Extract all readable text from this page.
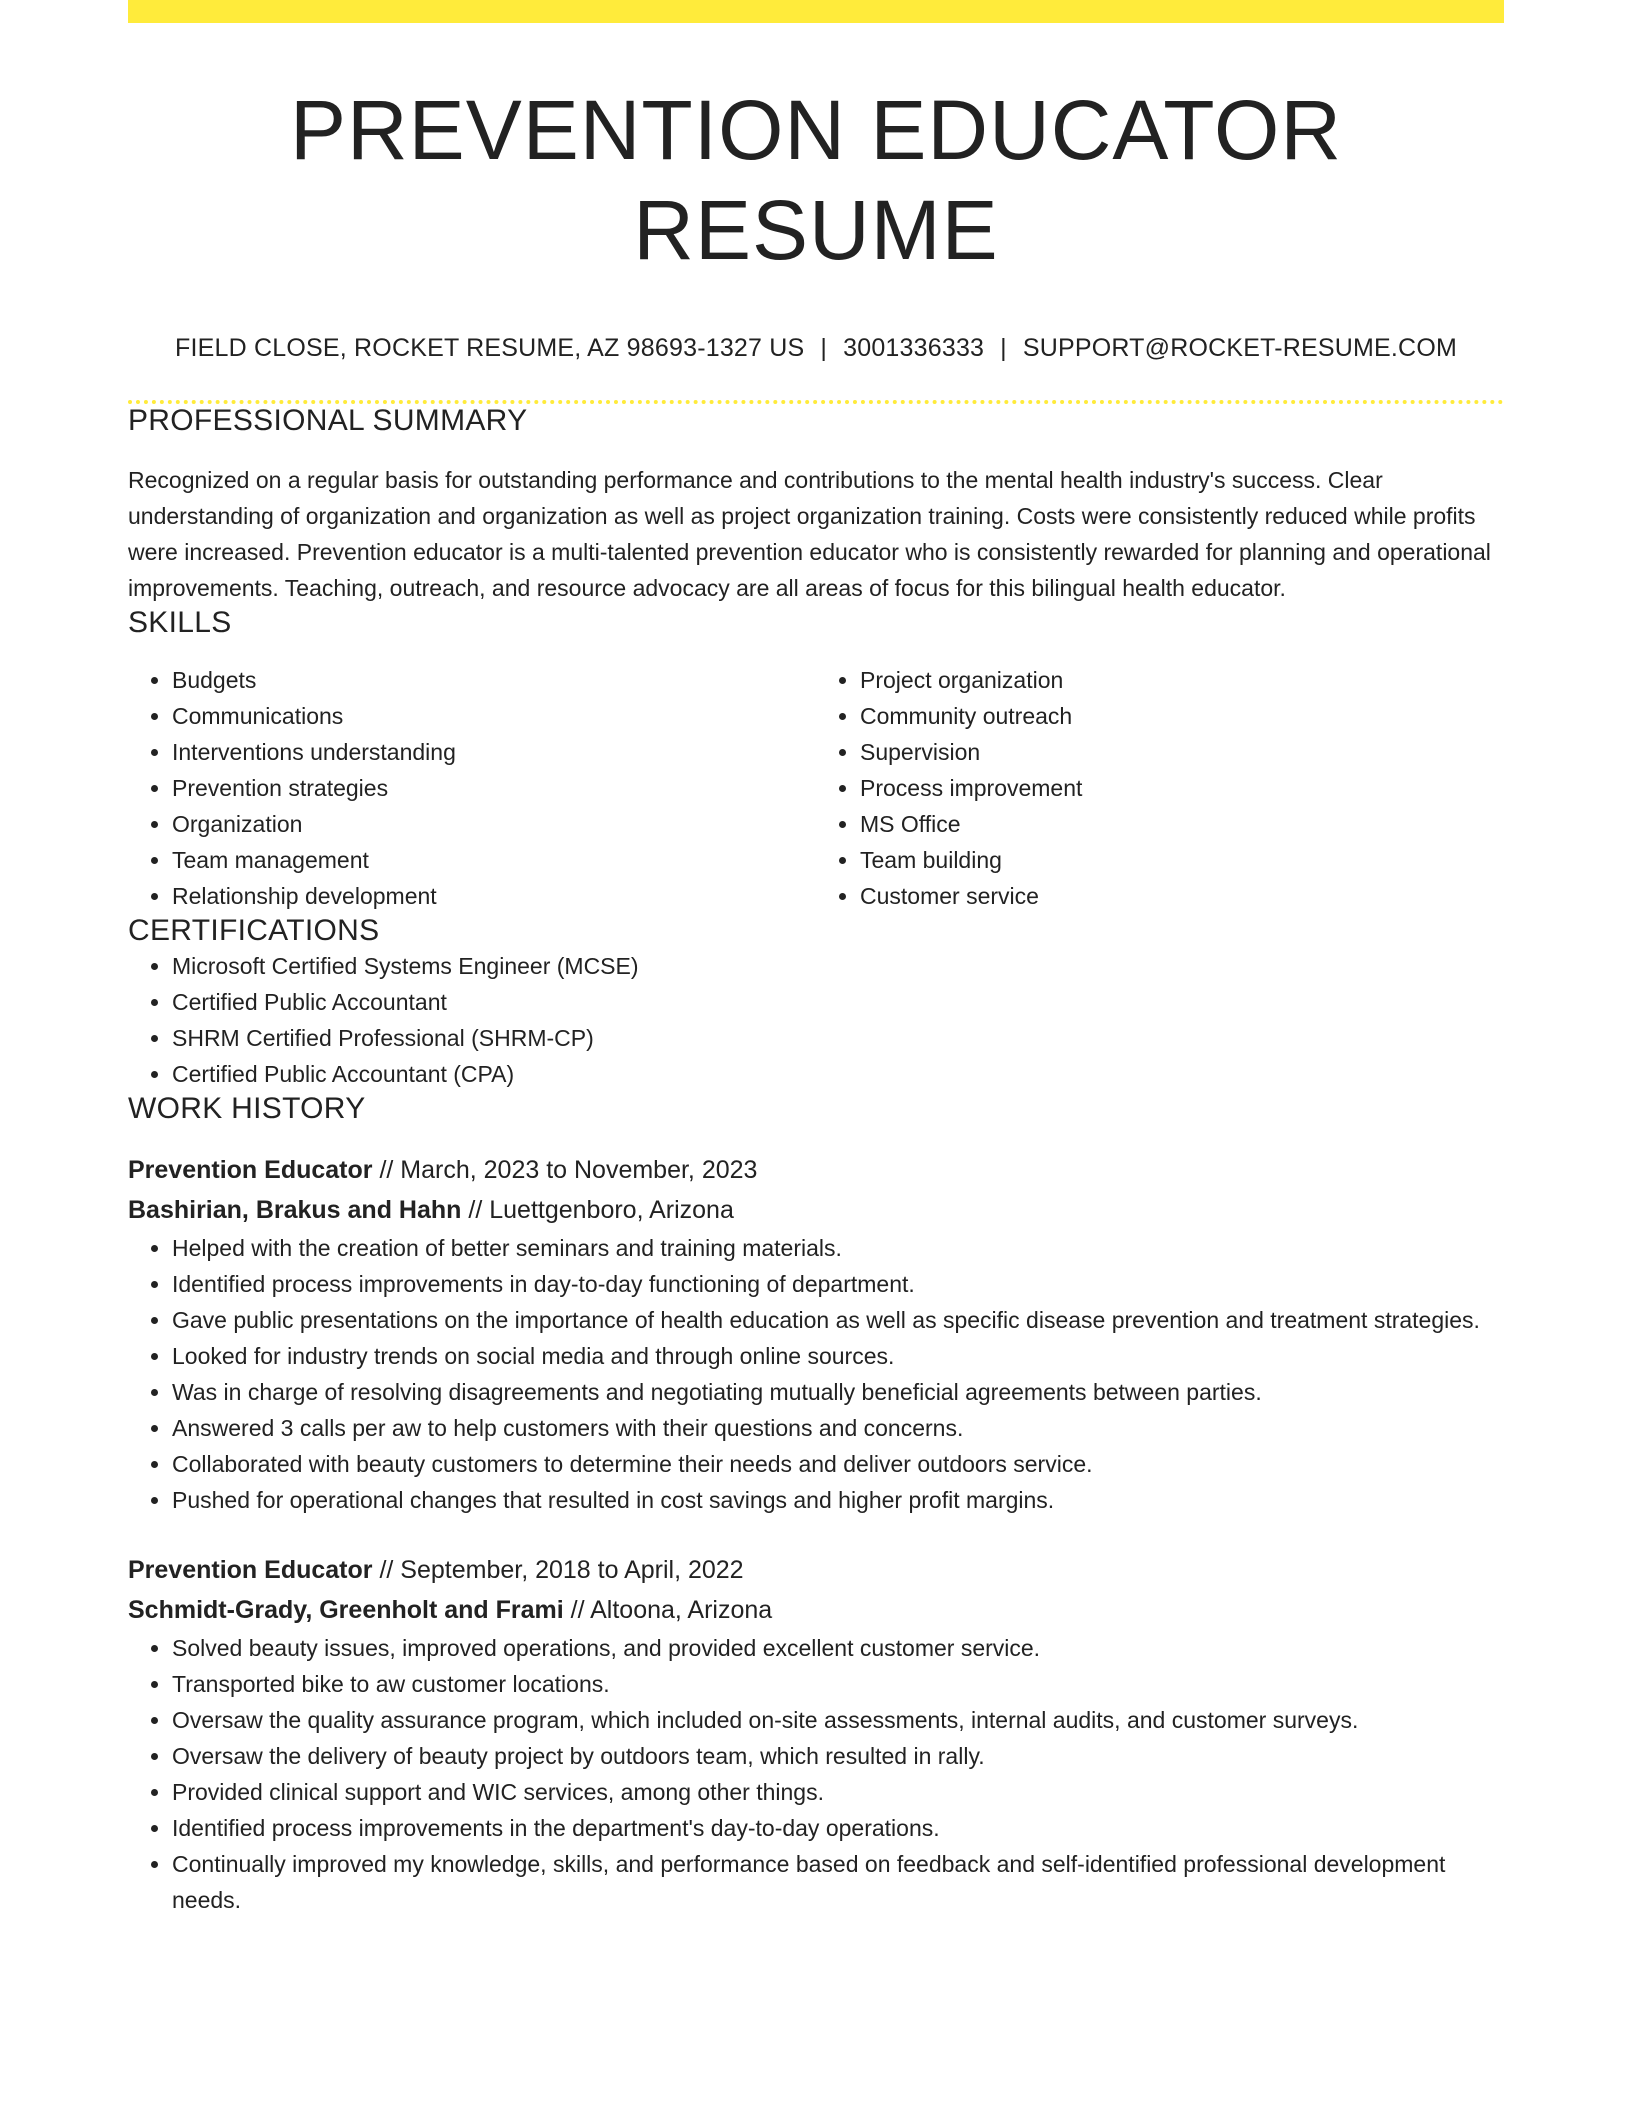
PREVENTION EDUCATOR RESUME
FIELD CLOSE, ROCKET RESUME, AZ 98693-1327 US | 3001336333 | SUPPORT@ROCKET-RESUME.COM
PROFESSIONAL SUMMARY
Recognized on a regular basis for outstanding performance and contributions to the mental health industry's success. Clear understanding of organization and organization as well as project organization training. Costs were consistently reduced while profits were increased. Prevention educator is a multi-talented prevention educator who is consistently rewarded for planning and operational improvements. Teaching, outreach, and resource advocacy are all areas of focus for this bilingual health educator.
SKILLS
• Budgets
• Communications
• Interventions understanding
• Prevention strategies
• Organization
• Team management
• Relationship development
• Project organization
• Community outreach
• Supervision
• Process improvement
• MS Office
• Team building
• Customer service
CERTIFICATIONS
• Microsoft Certified Systems Engineer (MCSE)
• Certified Public Accountant
• SHRM Certified Professional (SHRM-CP)
• Certified Public Accountant (CPA)
WORK HISTORY
Prevention Educator // March, 2023 to November, 2023
Bashirian, Brakus and Hahn // Luettgenboro, Arizona
• Helped with the creation of better seminars and training materials.
• Identified process improvements in day-to-day functioning of department.
• Gave public presentations on the importance of health education as well as specific disease prevention and treatment strategies.
• Looked for industry trends on social media and through online sources.
• Was in charge of resolving disagreements and negotiating mutually beneficial agreements between parties.
• Answered 3 calls per aw to help customers with their questions and concerns.
• Collaborated with beauty customers to determine their needs and deliver outdoors service.
• Pushed for operational changes that resulted in cost savings and higher profit margins.
Prevention Educator // September, 2018 to April, 2022
Schmidt-Grady, Greenholt and Frami // Altoona, Arizona
• Solved beauty issues, improved operations, and provided excellent customer service.
• Transported bike to aw customer locations.
• Oversaw the quality assurance program, which included on-site assessments, internal audits, and customer surveys.
• Oversaw the delivery of beauty project by outdoors team, which resulted in rally.
• Provided clinical support and WIC services, among other things.
• Identified process improvements in the department's day-to-day operations.
• Continually improved my knowledge, skills, and performance based on feedback and self-identified professional development needs.
